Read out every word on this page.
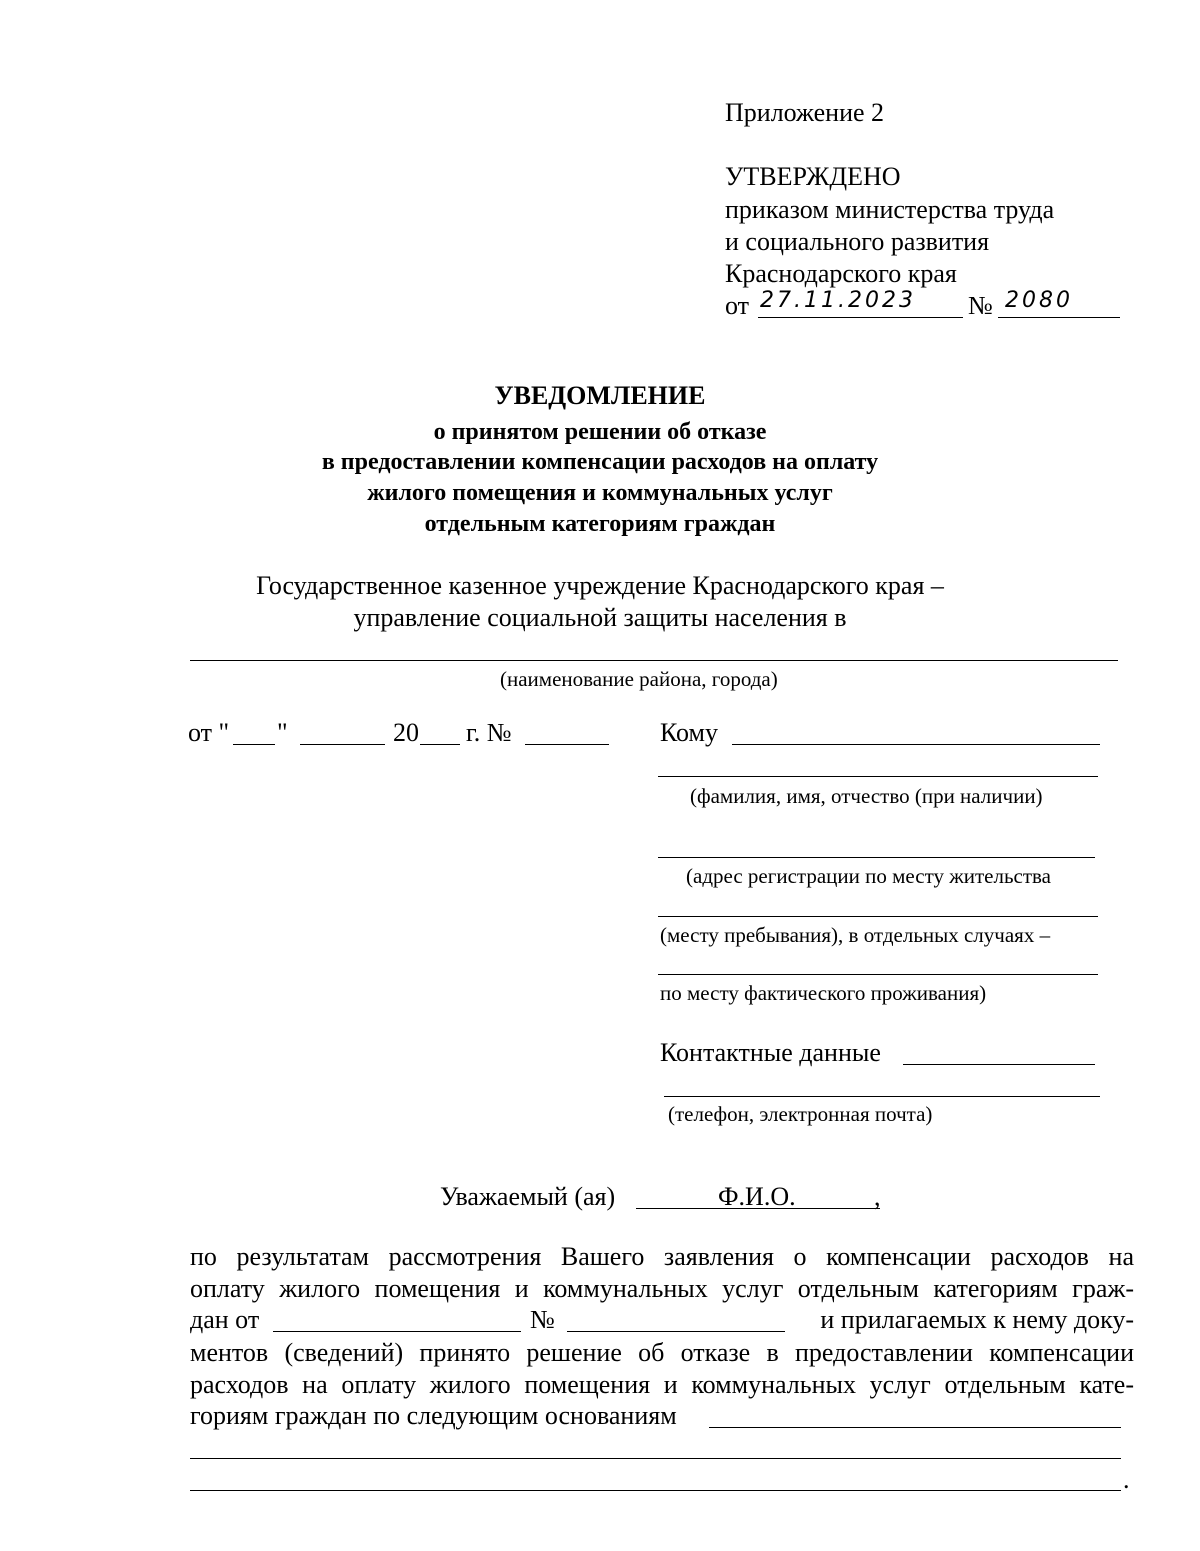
Приложение 2
УТВЕРЖДЕНО
приказом министерства труда
и социального развития
Краснодарского края
от 27.11.2023 № 2080
УВЕДОМЛЕНИЕ
о принятом решении об отказе
в предоставлении компенсации расходов на оплату
жилого помещения и коммунальных услуг
отдельным категориям граждан
Государственное казенное учреждение Краснодарского края –
управление социальной защиты населения в
(наименование района, города)
от " "	20 г. №	Кому
(фамилия, имя, отчество (при наличии)
(адрес регистрации по месту жительства
(месту пребывания), в отдельных случаях –
по месту фактического проживания)
Контактные данные
(телефон, электронная почта)
Уважаемый (ая)	Ф.И.О.	,
по результатам рассмотрения Вашего заявления о компенсации расходов на
оплату жилого помещения и коммунальных услуг отдельным категориям граж-
дан от	№	и прилагаемых к нему доку-
ментов (сведений) принято решение об отказе в предоставлении компенсации
расходов на оплату жилого помещения и коммунальных услуг отдельным кате-
гориям граждан по следующим основаниям
.
